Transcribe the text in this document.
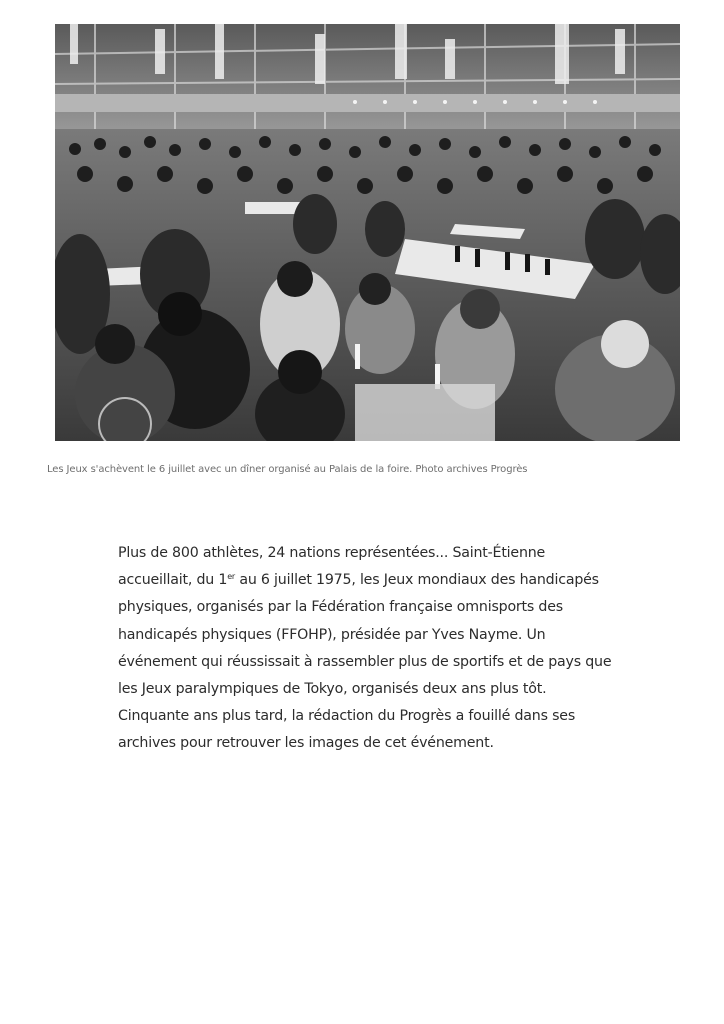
Les Jeux s'achèvent le 6 juillet avec un dîner organisé au Palais de la foire. Photo archives Progrès
Plus de 800 athlètes, 24 nations représentées... Saint-Étienne accueillait, du 1er au 6 juillet 1975, les Jeux mondiaux des handicapés physiques, organisés par la Fédération française omnisports des handicapés physiques (FFOHP), présidée par Yves Nayme. Un événement qui réussissait à rassembler plus de sportifs et de pays que les Jeux paralympiques de Tokyo, organisés deux ans plus tôt. Cinquante ans plus tard, la rédaction du Progrès a fouillé dans ses archives pour retrouver les images de cet événement.
